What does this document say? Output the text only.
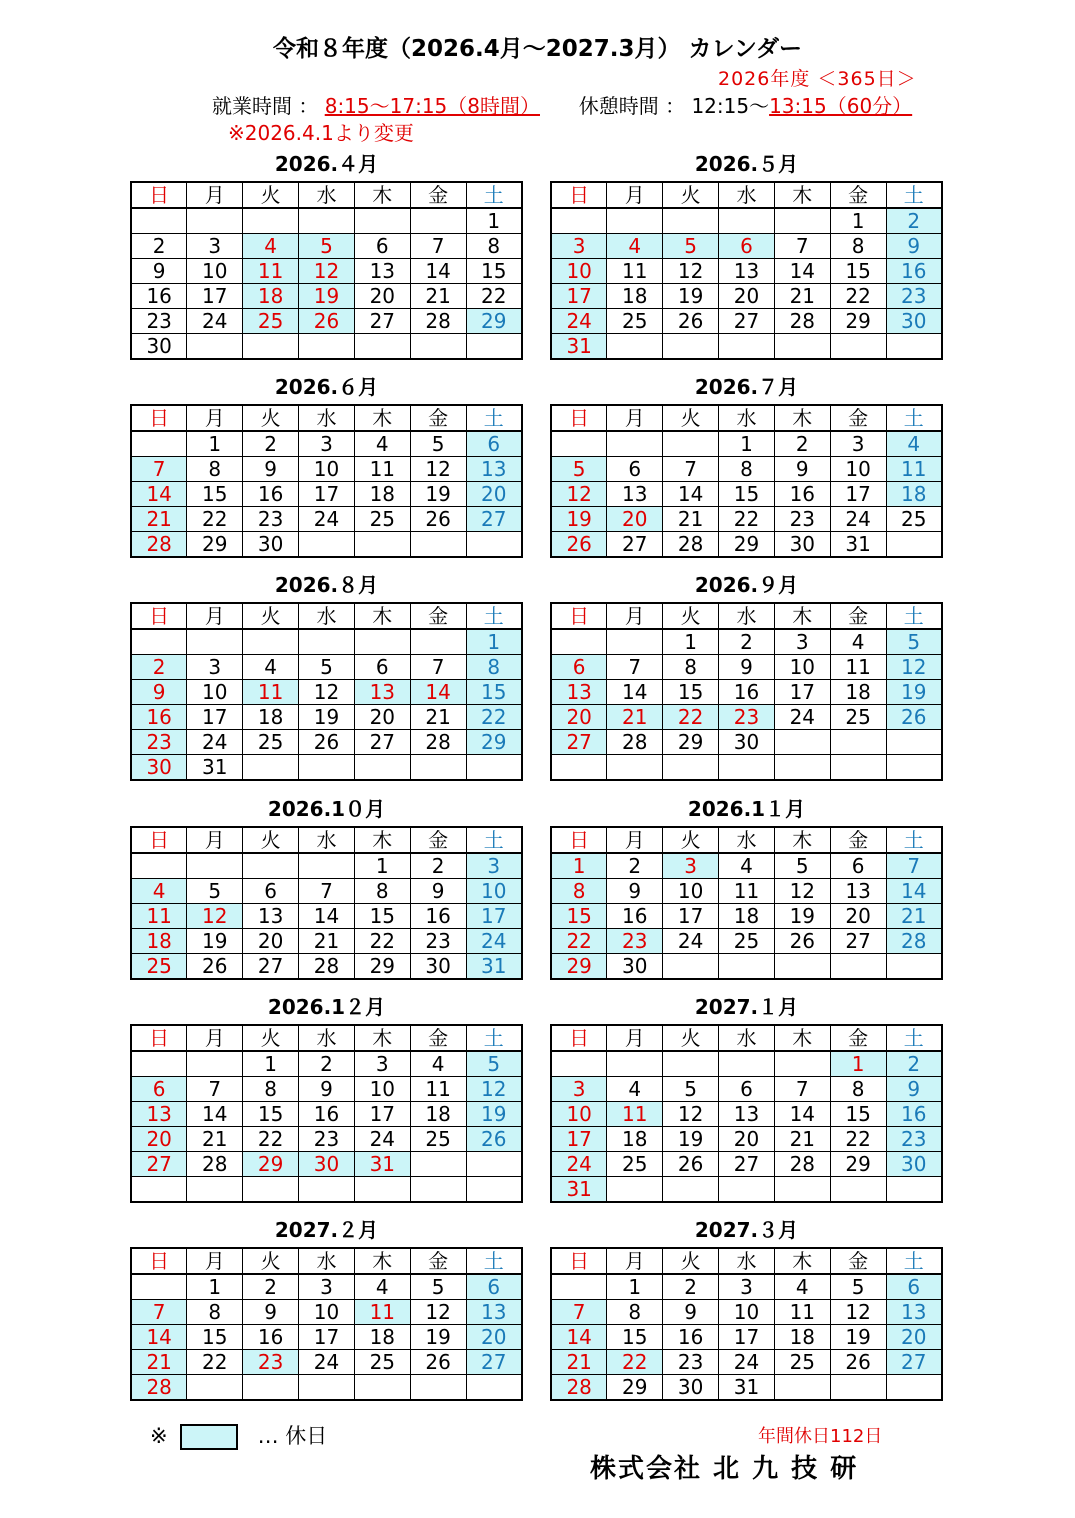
令和８年度（2026.4月～2027.3月） カレンダー
2026年度 ＜365日＞
就業時間 ： 8:15～17:15（8時間） 休憩時間 ： 12:15～13:15（60分）
※2026.4.1より変更
2026.４月
日	月	火	水	木	金	土
						1
2	3	4	5	6	7	8
9	10	11	12	13	14	15
16	17	18	19	20	21	22
23	24	25	26	27	28	29
30						
2026.５月
日	月	火	水	木	金	土
					1	2
3	4	5	6	7	8	9
10	11	12	13	14	15	16
17	18	19	20	21	22	23
24	25	26	27	28	29	30
31						
2026.６月
日	月	火	水	木	金	土
	1	2	3	4	5	6
7	8	9	10	11	12	13
14	15	16	17	18	19	20
21	22	23	24	25	26	27
28	29	30				
2026.７月
日	月	火	水	木	金	土
			1	2	3	4
5	6	7	8	9	10	11
12	13	14	15	16	17	18
19	20	21	22	23	24	25
26	27	28	29	30	31	
2026.８月
日	月	火	水	木	金	土
						1
2	3	4	5	6	7	8
9	10	11	12	13	14	15
16	17	18	19	20	21	22
23	24	25	26	27	28	29
30	31					
2026.９月
日	月	火	水	木	金	土
		1	2	3	4	5
6	7	8	9	10	11	12
13	14	15	16	17	18	19
20	21	22	23	24	25	26
27	28	29	30			

2026.1０月
日	月	火	水	木	金	土
				1	2	3
4	5	6	7	8	9	10
11	12	13	14	15	16	17
18	19	20	21	22	23	24
25	26	27	28	29	30	31
2026.1１月
日	月	火	水	木	金	土
1	2	3	4	5	6	7
8	9	10	11	12	13	14
15	16	17	18	19	20	21
22	23	24	25	26	27	28
29	30					
2026.1２月
日	月	火	水	木	金	土
		1	2	3	4	5
6	7	8	9	10	11	12
13	14	15	16	17	18	19
20	21	22	23	24	25	26
27	28	29	30	31		

2027.１月
日	月	火	水	木	金	土
					1	2
3	4	5	6	7	8	9
10	11	12	13	14	15	16
17	18	19	20	21	22	23
24	25	26	27	28	29	30
31						
2027.２月
日	月	火	水	木	金	土
	1	2	3	4	5	6
7	8	9	10	11	12	13
14	15	16	17	18	19	20
21	22	23	24	25	26	27
28						
2027.３月
日	月	火	水	木	金	土
	1	2	3	4	5	6
7	8	9	10	11	12	13
14	15	16	17	18	19	20
21	22	23	24	25	26	27
28	29	30	31			
※	… 休日	年間休日112日
株式会社 北 九 技 研
